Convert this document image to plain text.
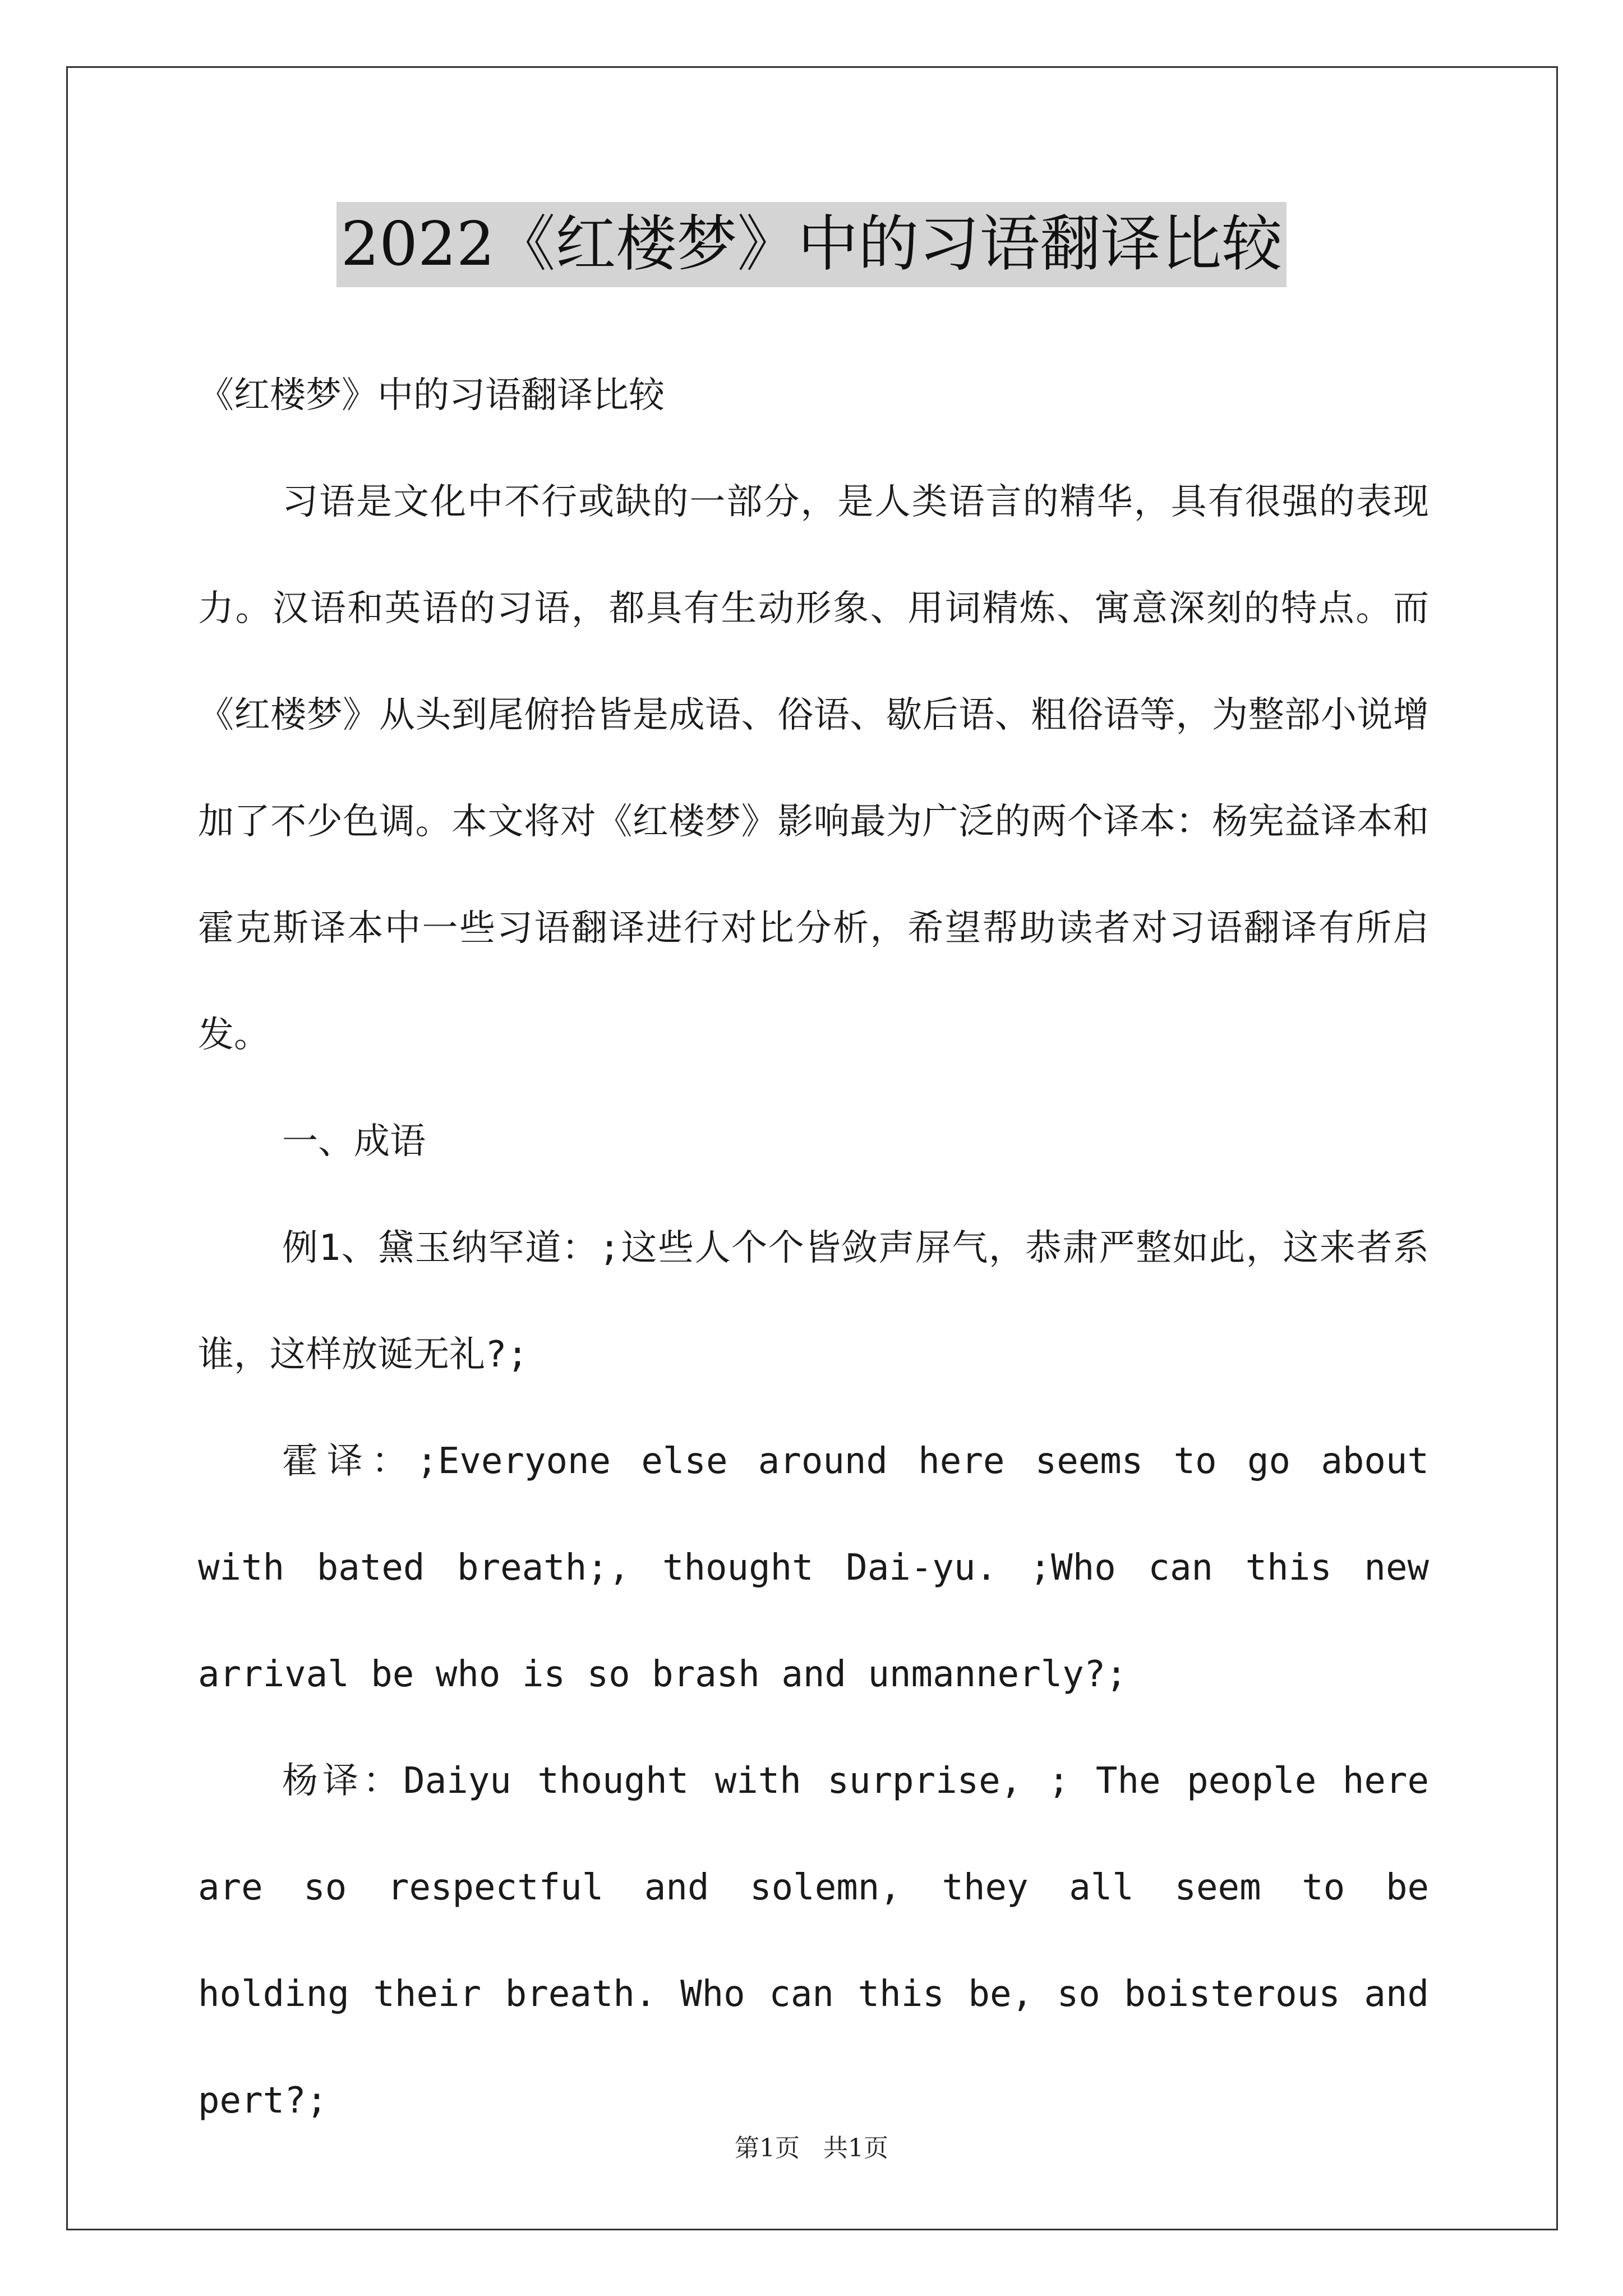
2022《红楼梦》中的习语翻译比较

《红楼梦》中的习语翻译比较

习语是文化中不行或缺的一部分，是人类语言的精华，具有很强的表现力。汉语和英语的习语，都具有生动形象、用词精炼、寓意深刻的特点。而《红楼梦》从头到尾俯拾皆是成语、俗语、歇后语、粗俗语等，为整部小说增加了不少色调。本文将对《红楼梦》影响最为广泛的两个译本：杨宪益译本和霍克斯译本中一些习语翻译进行对比分析，希望帮助读者对习语翻译有所启发。

一、成语

例1、黛玉纳罕道：;这些人个个皆敛声屏气，恭肃严整如此，这来者系谁，这样放诞无礼?;

霍译：;Everyone else around here seems to go about with bated breath;, thought Dai-yu. ;Who can this new arrival be who is so brash and unmannerly?;

杨译：Daiyu thought with surprise, ; The people here are so respectful and solemn, they all seem to be holding their breath. Who can this be, so boisterous and pert?;

第1页 共1页
